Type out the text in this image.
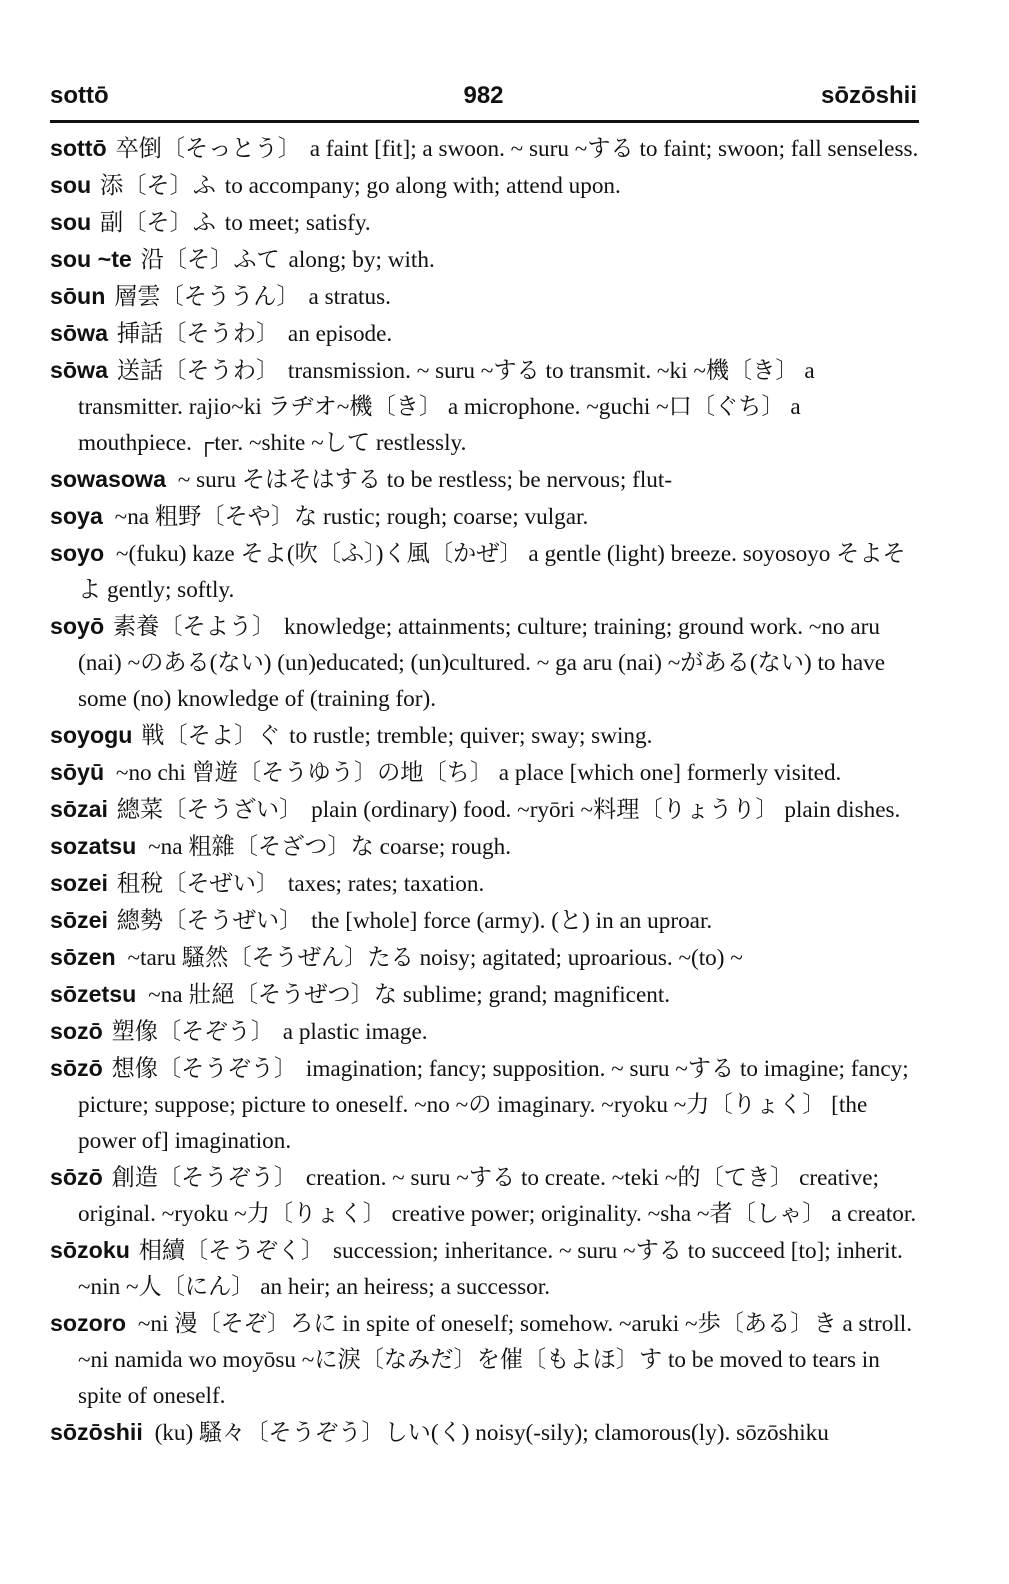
sottō	982	sōzōshii

sottō 卒倒〔そっとう〕 a faint [fit]; a swoon. ~ suru ~する to faint; swoon; fall senseless.

sou 添〔そ〕ふ to accompany; go along with; attend upon.

sou 副〔そ〕ふ to meet; satisfy.

sou ~te 沿〔そ〕ふて along; by; with.

sōun 層雲〔そううん〕 a stratus.

sōwa 挿話〔そうわ〕 an episode.

sōwa 送話〔そうわ〕 transmission. ~ suru ~する to transmit. ~ki ~機〔き〕 a transmitter. rajio~ki ラヂオ~機〔き〕 a microphone. ~guchi ~口〔ぐち〕 a mouthpiece. ┌ter. ~shite ~して restlessly.

sowasowa ~ suru そはそはする to be restless; be nervous; flut-

soya ~na 粗野〔そや〕な rustic; rough; coarse; vulgar.

soyo ~(fuku) kaze そよ(吹〔ふ〕)く風〔かぜ〕 a gentle (light) breeze. soyosoyo そよそよ gently; softly.

soyō 素養〔そよう〕 knowledge; attainments; culture; training; ground work. ~no aru (nai) ~のある(ない) (un)educated; (un)cultured. ~ ga aru (nai) ~がある(ない) to have some (no) knowledge of (training for).

soyogu 戦〔そよ〕ぐ to rustle; tremble; quiver; sway; swing.

sōyū ~no chi 曾遊〔そうゆう〕の地〔ち〕 a place [which one] formerly visited.

sōzai 總菜〔そうざい〕 plain (ordinary) food. ~ryōri ~料理〔りょうり〕 plain dishes.

sozatsu ~na 粗雜〔そざつ〕な coarse; rough.

sozei 租稅〔そぜい〕 taxes; rates; taxation.

sōzei 總勢〔そうぜい〕 the [whole] force (army). (と) in an uproar.

sōzen ~taru 騷然〔そうぜん〕たる noisy; agitated; uproarious. ~(to) ~

sōzetsu ~na 壯絕〔そうぜつ〕な sublime; grand; magnificent.

sozō 塑像〔そぞう〕 a plastic image.

sōzō 想像〔そうぞう〕 imagination; fancy; supposition. ~ suru ~する to imagine; fancy; picture; suppose; picture to oneself. ~no ~の imaginary. ~ryoku ~力〔りょく〕 [the power of] imagination.

sōzō 創造〔そうぞう〕 creation. ~ suru ~する to create. ~teki ~的〔てき〕 creative; original. ~ryoku ~力〔りょく〕 creative power; originality. ~sha ~者〔しゃ〕 a creator.

sōzoku 相續〔そうぞく〕 succession; inheritance. ~ suru ~する to succeed [to]; inherit. ~nin ~人〔にん〕 an heir; an heiress; a successor.

sozoro ~ni 漫〔そぞ〕ろに in spite of oneself; somehow. ~aruki ~歩〔ある〕き a stroll. ~ni namida wo moyōsu ~に淚〔なみだ〕を催〔もよほ〕す to be moved to tears in spite of oneself.

sōzōshii (ku) 騷々〔そうぞう〕しい(く) noisy(-sily); clamorous(ly). sōzōshiku
